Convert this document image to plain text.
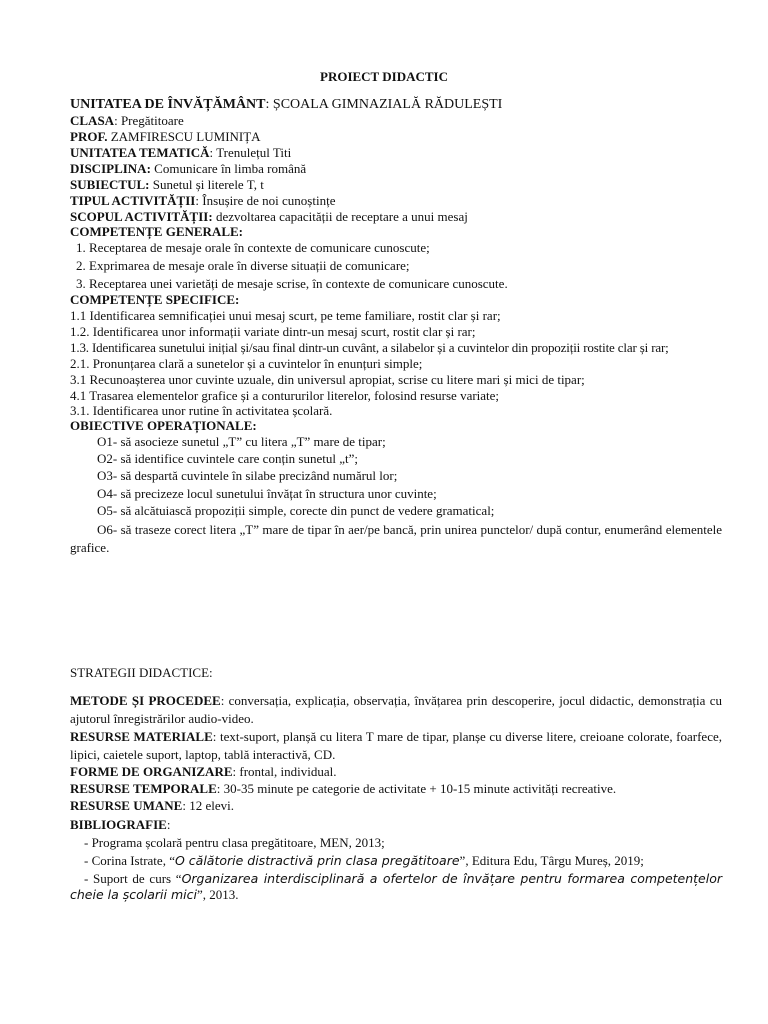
PROIECT DIDACTIC
UNITATEA DE ÎNVĂȚĂMÂNT: ȘCOALA GIMNAZIALĂ RĂDULEȘTI
CLASA: Pregătitoare
PROF. ZAMFIRESCU LUMINIȚA
UNITATEA TEMATICĂ: Trenulețul Titi
DISCIPLINA: Comunicare în limba română
SUBIECTUL: Sunetul și literele T, t
TIPUL ACTIVITĂȚII: Însușire de noi cunoștințe
SCOPUL ACTIVITĂȚII: dezvoltarea capacității de receptare a unui mesaj
COMPETENȚE GENERALE:
1. Receptarea de mesaje orale în contexte de comunicare cunoscute;
2. Exprimarea de mesaje orale în diverse situații de comunicare;
3. Receptarea unei varietăți de mesaje scrise, în contexte de comunicare cunoscute.
COMPETENȚE SPECIFICE:
1.1 Identificarea semnificației unui mesaj scurt, pe teme familiare, rostit clar și rar;
1.2. Identificarea unor informații variate dintr-un mesaj scurt, rostit clar și rar;
1.3. Identificarea sunetului inițial și/sau final dintr-un cuvânt, a silabelor și a cuvintelor din propoziții rostite clar și rar;
2.1. Pronunțarea clară a sunetelor și a cuvintelor în enunțuri simple;
3.1 Recunoașterea unor cuvinte uzuale, din universul apropiat, scrise cu litere mari și mici de tipar;
4.1 Trasarea elementelor grafice și a contururilor literelor, folosind resurse variate;
3.1. Identificarea unor rutine în activitatea școlară.
OBIECTIVE OPERAȚIONALE:
O1- să asocieze sunetul „T” cu litera „T” mare de tipar;
O2- să identifice cuvintele care conțin sunetul „t”;
O3- să despartă cuvintele în silabe precizând numărul lor;
O4- să precizeze locul sunetului învățat în structura unor cuvinte;
O5- să alcătuiască propoziții simple, corecte din punct de vedere gramatical;
O6- să traseze corect litera „T” mare de tipar în aer/pe bancă, prin unirea punctelor/ după contur, enumerând elementele grafice.
STRATEGII DIDACTICE:
METODE ȘI PROCEDEE: conversația, explicația, observația, învățarea prin descoperire, jocul didactic, demonstrația cu ajutorul înregistrărilor audio-video.
RESURSE MATERIALE: text-suport, planșă cu litera T mare de tipar, planșe cu diverse litere, creioane colorate, foarfece, lipici, caietele suport, laptop, tablă interactivă, CD.
FORME DE ORGANIZARE: frontal, individual.
RESURSE TEMPORALE: 30-35 minute pe categorie de activitate + 10-15 minute activități recreative.
RESURSE UMANE: 12 elevi.
BIBLIOGRAFIE:
- Programa școlară pentru clasa pregătitoare, MEN, 2013;
- Corina Istrate, “O călătorie distractivă prin clasa pregătitoare”, Editura Edu, Târgu Mureș, 2019;
- Suport de curs “Organizarea interdisciplinară a ofertelor de învățare pentru formarea competențelor cheie la școlarii mici”, 2013.
